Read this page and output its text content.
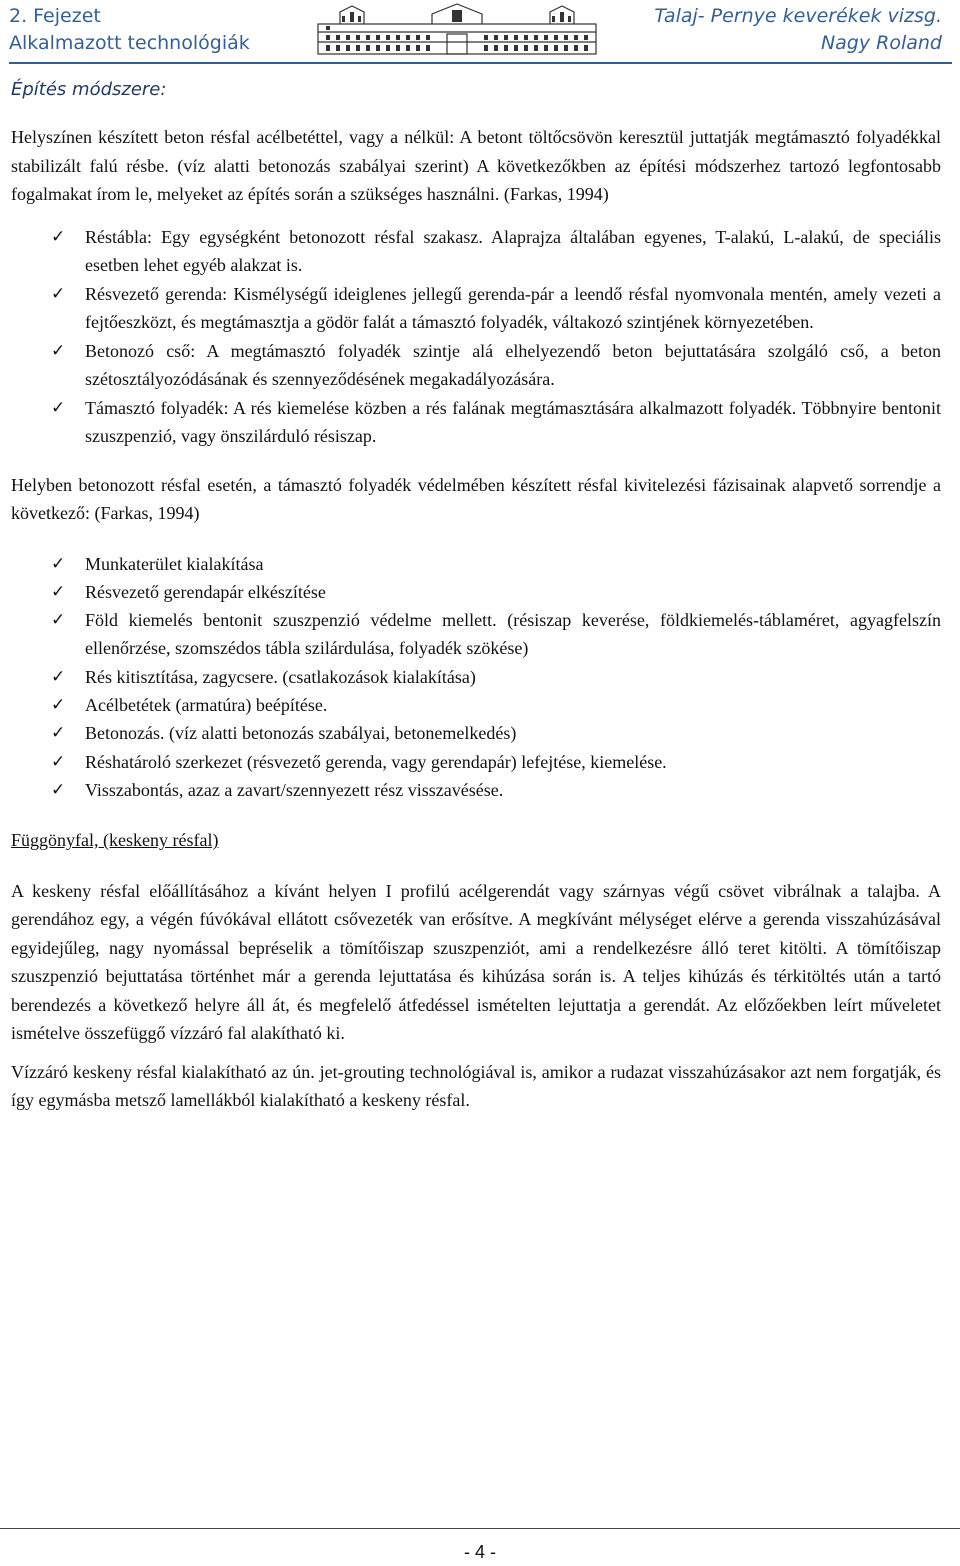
2. Fejezet
Alkalmazott technológiák
Talaj- Pernye keverékek vizsg.
Nagy Roland

Építés módszere:

Helyszínen készített beton résfal acélbetéttel, vagy a nélkül: A betont töltőcsövön keresztül juttatják megtámasztó folyadékkal stabilizált falú résbe. (víz alatti betonozás szabályai szerint) A következőkben az építési módszerhez tartozó legfontosabb fogalmakat írom le, melyeket az építés során a szükséges használni. (Farkas, 1994)

✓ Réstábla: Egy egységként betonozott résfal szakasz. Alaprajza általában egyenes, T-alakú, L-alakú, de speciális esetben lehet egyéb alakzat is.
✓ Résvezető gerenda: Kismélységű ideiglenes jellegű gerenda-pár a leendő résfal nyomvonala mentén, amely vezeti a fejtőeszközt, és megtámasztja a gödör falát a támasztó folyadék, váltakozó szintjének környezetében.
✓ Betonozó cső: A megtámasztó folyadék szintje alá elhelyezendő beton bejuttatására szolgáló cső, a beton szétosztályozódásának és szennyeződésének megakadályozására.
✓ Támasztó folyadék: A rés kiemelése közben a rés falának megtámasztására alkalmazott folyadék. Többnyire bentonit szuszpenzió, vagy önszilárduló résiszap.

Helyben betonozott résfal esetén, a támasztó folyadék védelmében készített résfal kivitelezési fázisainak alapvető sorrendje a következő: (Farkas, 1994)

✓ Munkaterület kialakítása
✓ Résvezető gerendapár elkészítése
✓ Föld kiemelés bentonit szuszpenzió védelme mellett. (résiszap keverése, földkiemelés-táblaméret, agyagfelszín ellenőrzése, szomszédos tábla szilárdulása, folyadék szökése)
✓ Rés kitisztítása, zagycsere. (csatlakozások kialakítása)
✓ Acélbetétek (armatúra) beépítése.
✓ Betonozás. (víz alatti betonozás szabályai, betonemelkedés)
✓ Réshatároló szerkezet (résvezető gerenda, vagy gerendapár) lefejtése, kiemelése.
✓ Visszabontás, azaz a zavart/szennyezett rész visszavésése.

Függönyfal, (keskeny résfal)

A keskeny résfal előállításához a kívánt helyen I profilú acélgerendát vagy szárnyas végű csövet vibrálnak a talajba. A gerendához egy, a végén fúvókával ellátott csővezeték van erősítve. A megkívánt mélységet elérve a gerenda visszahúzásával egyidejűleg, nagy nyomással bepréselik a tömítőiszap szuszpenziót, ami a rendelkezésre álló teret kitölti. A tömítőiszap szuszpenzió bejuttatása történhet már a gerenda lejuttatása és kihúzása során is. A teljes kihúzás és térkitöltés után a tartó berendezés a következő helyre áll át, és megfelelő átfedéssel ismételten lejuttatja a gerendát. Az előzőekben leírt műveletet ismételve összefüggő vízzáró fal alakítható ki.

Vízzáró keskeny résfal kialakítható az ún. jet-grouting technológiával is, amikor a rudazat visszahúzásakor azt nem forgatják, és így egymásba metsző lamellákból kialakítható a keskeny résfal.

- 4 -
